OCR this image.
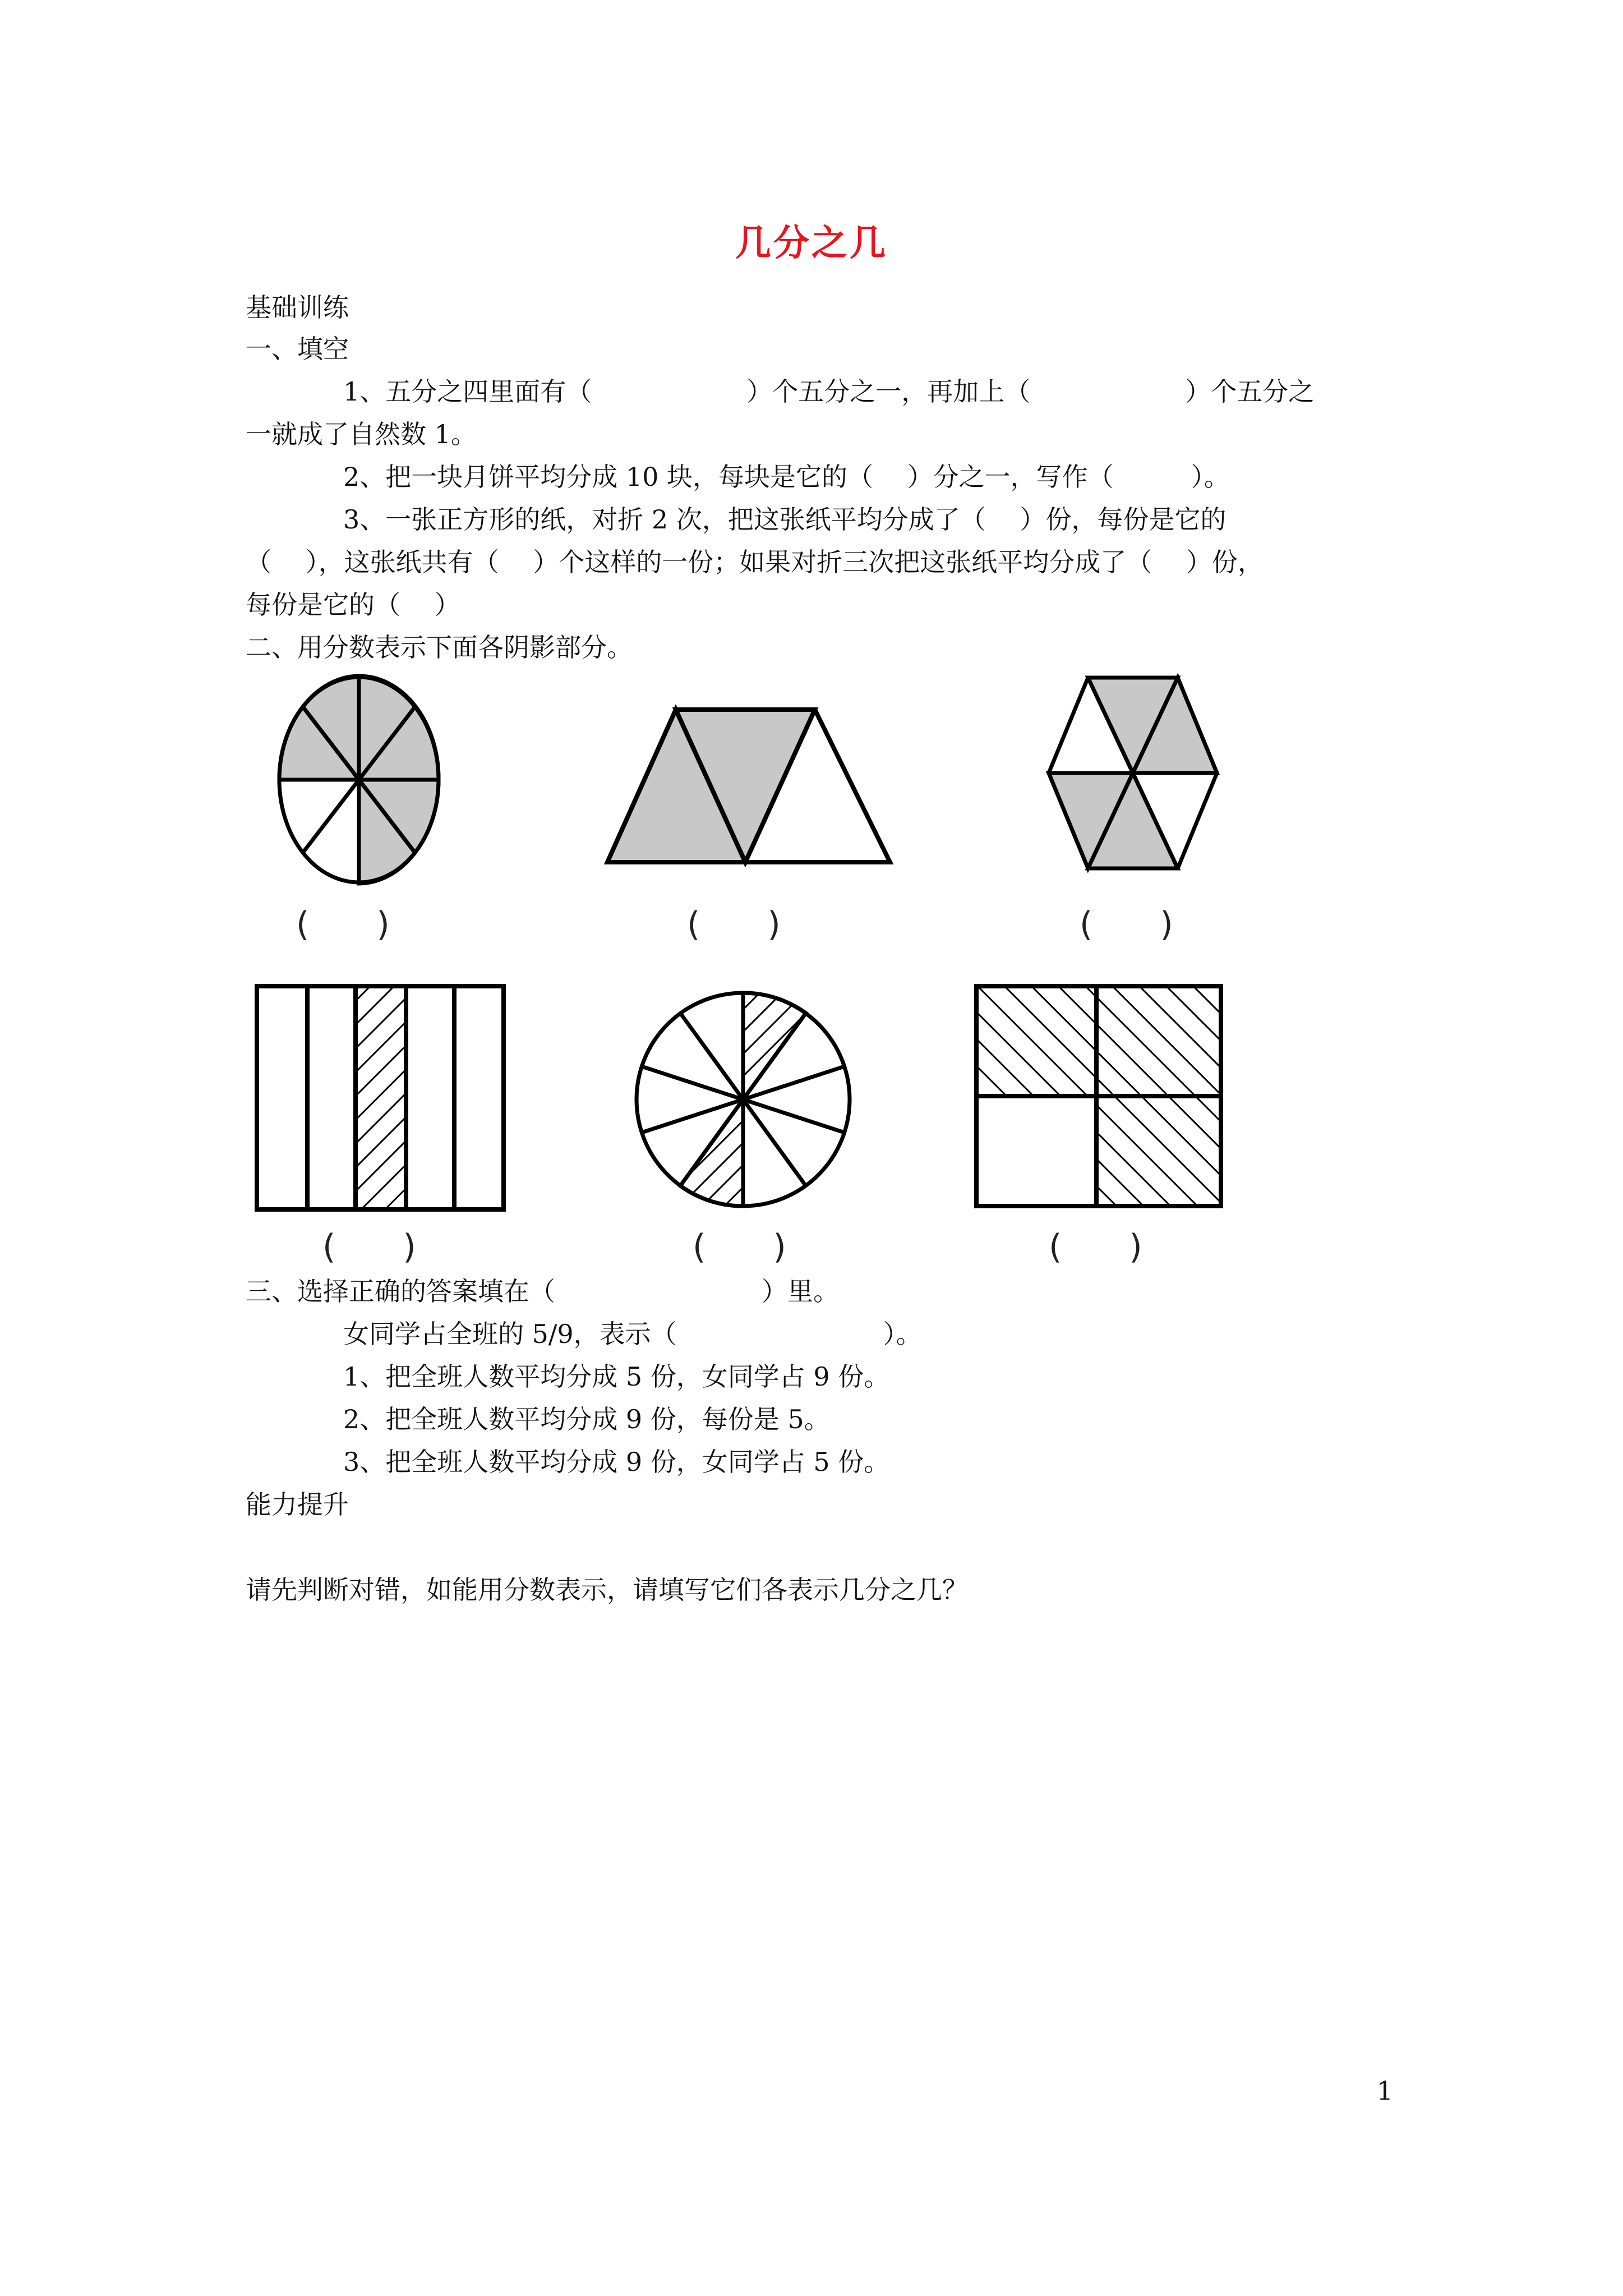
几分之几
基础训练
一、填空
1、五分之四里面有（　　　　　　）个五分之一，再加上（　　　　　　）个五分之
一就成了自然数 1。
2、把一块月饼平均分成 10 块，每块是它的（　 ）分之一，写作（　　　）。
3、一张正方形的纸，对折 2 次，把这张纸平均分成了（　 ）份，每份是它的
（　 ），这张纸共有（　 ）个这样的一份；如果对折三次把这张纸平均分成了（　 ）份，
每份是它的（　 ）
二、用分数表示下面各阴影部分。
(　　)	(　　)	(　　)
(　　)	(　　)	(　　)
三、选择正确的答案填在（　　　　　　　　）里。
女同学占全班的 5/9，表示（　　　　　　　　）。
1、把全班人数平均分成 5 份，女同学占 9 份。
2、把全班人数平均分成 9 份，每份是 5。
3、把全班人数平均分成 9 份，女同学占 5 份。
能力提升
请先判断对错，如能用分数表示，请填写它们各表示几分之几？
1
